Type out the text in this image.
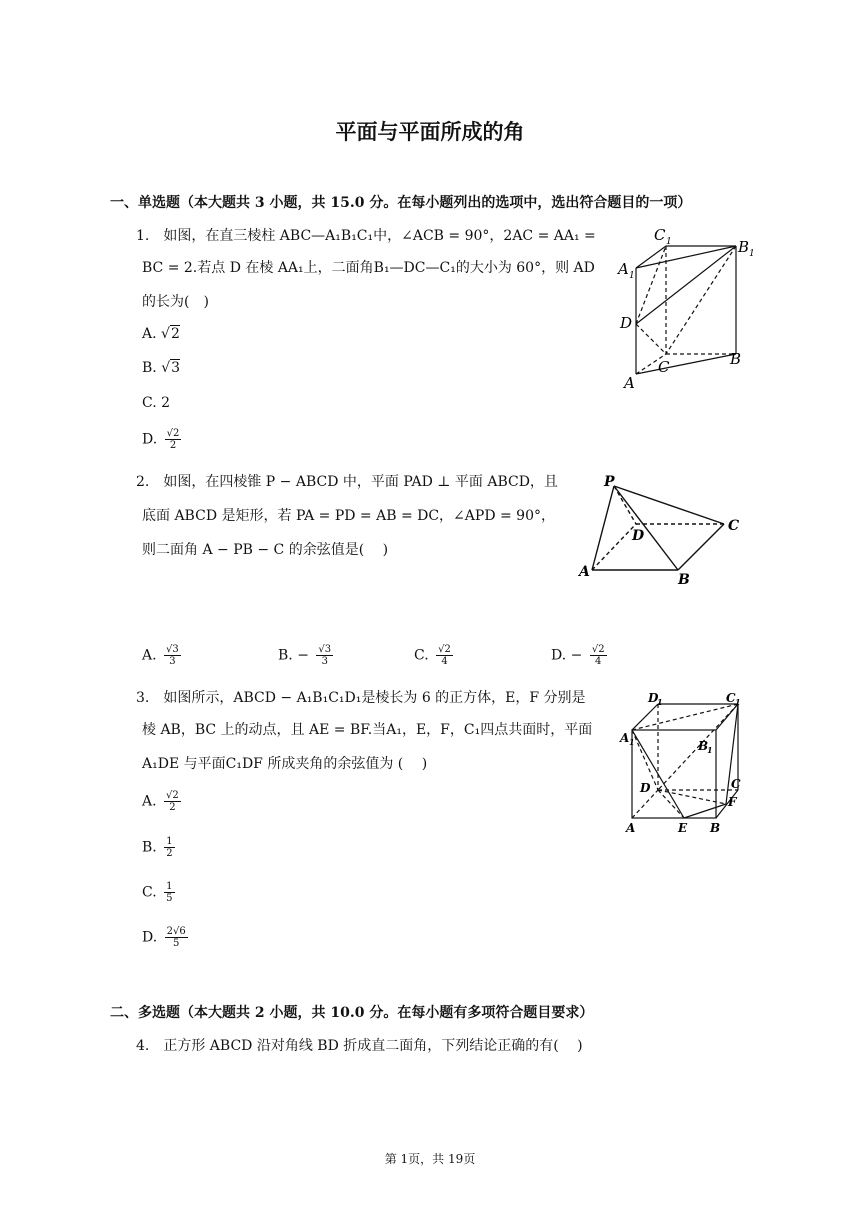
平面与平面所成的角
一、单选题（本大题共 3 小题，共 15.0 分。在每小题列出的选项中，选出符合题目的一项）
1.　如图，在直三棱柱 ABC—A₁B₁C₁中，∠ACB = 90°，2AC = AA₁ =
BC = 2.若点 D 在棱 AA₁上，二面角B₁—DC—C₁的大小为 60°，则 AD
的长为(　)
A. √2
B. √3
C. 2
D. $\frac{√2}{2}$
C 1	B 1
A 1
D
B
C
A
2.　如图，在四棱锥 P − ABCD 中，平面 PAD ⊥ 平面 ABCD，且
底面 ABCD 是矩形，若 PA = PD = AB = DC，∠APD = 90°，
则二面角 A − PB − C 的余弦值是(　 )
A. $\frac{√3}{3}$	B. − $\frac{√3}{3}$	C. $\frac{√2}{4}$	D. − $\frac{√2}{4}$
P
D
C
A	B
3.　如图所示，ABCD − A₁B₁C₁D₁是棱长为 6 的正方体，E，F 分别是
棱 AB，BC 上的动点，且 AE = BF.当A₁，E，F，C₁四点共面时，平面
A₁DE 与平面C₁DF 所成夹角的余弦值为 (　 )
A. $\frac{√2}{2}$
B. $\frac{1}{2}$
C. $\frac{1}{5}$
D. $\frac{2√6}{5}$
D
1	C 1
A 1	B
1
C
D
F
A	E B
二、多选题（本大题共 2 小题，共 10.0 分。在每小题有多项符合题目要求）
4.　正方形 ABCD 沿对角线 BD 折成直二面角，下列结论正确的有(　 )
第 1页，共 19页
